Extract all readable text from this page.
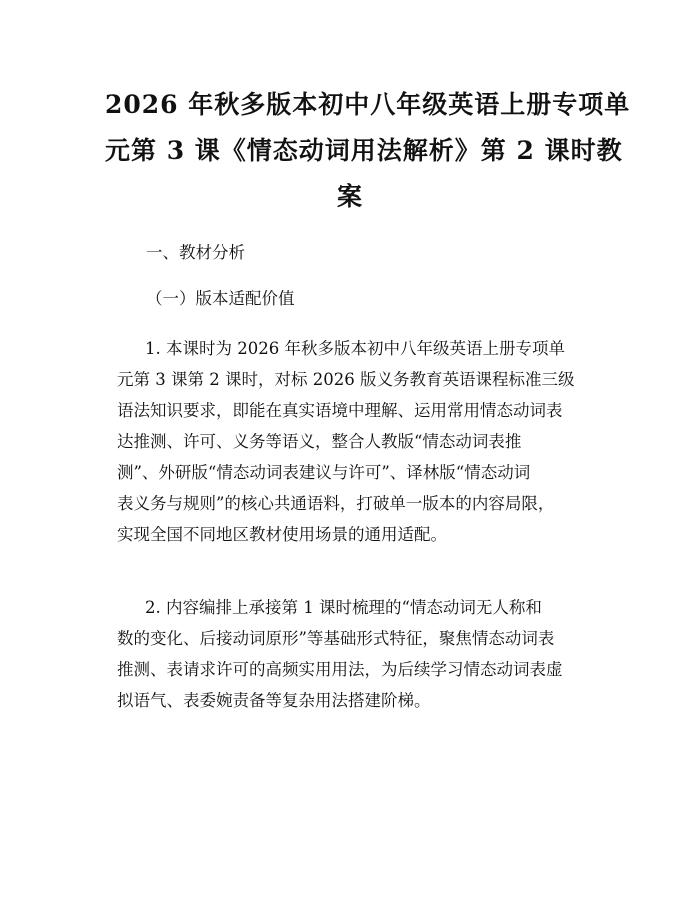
2026 年秋多版本初中八年级英语上册专项单
元第 3 课《情态动词用法解析》第 2 课时教
案

一、教材分析

（一）版本适配价值

1. 本课时为 2026 年秋多版本初中八年级英语上册专项单
元第 3 课第 2 课时，对标 2026 版义务教育英语课程标准三级
语法知识要求，即能在真实语境中理解、运用常用情态动词表
达推测、许可、义务等语义，整合人教版“情态动词表推
测”、外研版“情态动词表建议与许可”、译林版“情态动词
表义务与规则”的核心共通语料，打破单一版本的内容局限，
实现全国不同地区教材使用场景的通用适配。
2. 内容编排上承接第 1 课时梳理的“情态动词无人称和
数的变化、后接动词原形”等基础形式特征，聚焦情态动词表
推测、表请求许可的高频实用用法，为后续学习情态动词表虚
拟语气、表委婉责备等复杂用法搭建阶梯。
